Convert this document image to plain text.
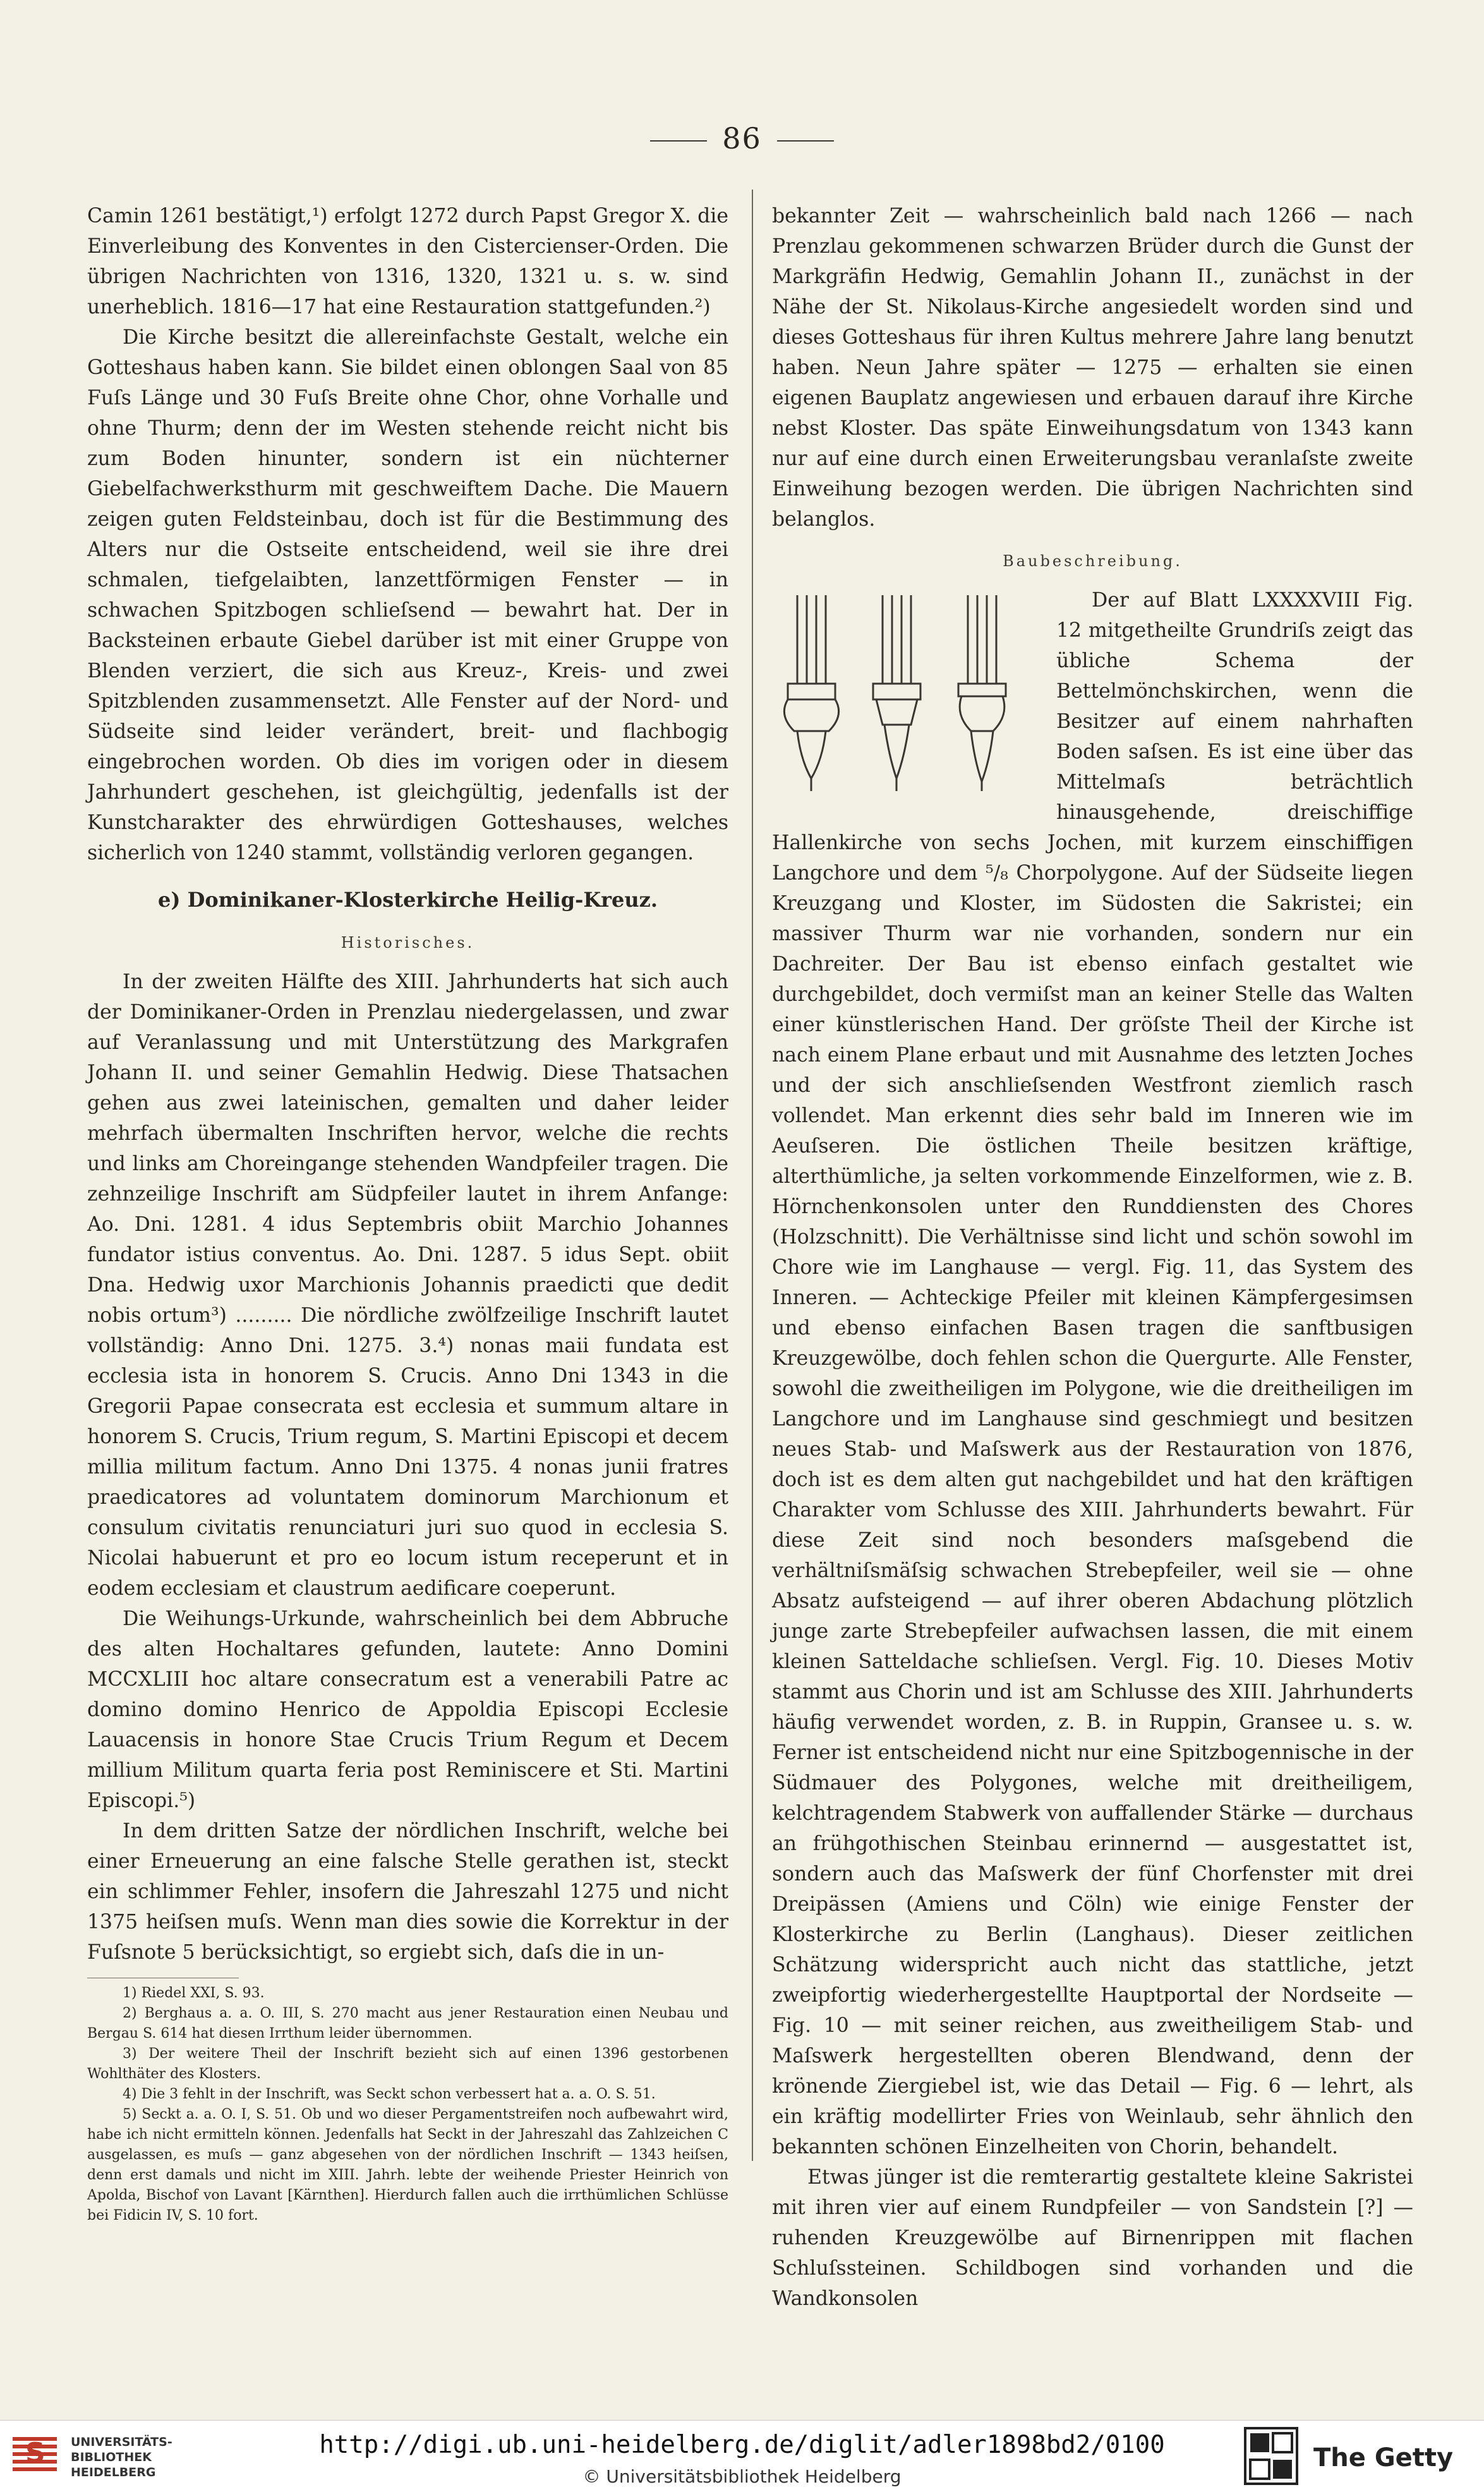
86

Camin 1261 bestätigt,¹) erfolgt 1272 durch Papst Gregor X. die Einverleibung des Konventes in den Cistercienser-Orden. Die übrigen Nachrichten von 1316, 1320, 1321 u. s. w. sind unerheblich. 1816—17 hat eine Restauration stattgefunden.²)

Die Kirche besitzt die allereinfachste Gestalt, welche ein Gotteshaus haben kann. Sie bildet einen oblongen Saal von 85 Fuſs Länge und 30 Fuſs Breite ohne Chor, ohne Vorhalle und ohne Thurm; denn der im Westen stehende reicht nicht bis zum Boden hinunter, sondern ist ein nüchterner Giebelfachwerksthurm mit geschweiftem Dache. Die Mauern zeigen guten Feldsteinbau, doch ist für die Bestimmung des Alters nur die Ostseite entscheidend, weil sie ihre drei schmalen, tiefgelaibten, lanzettförmigen Fenster — in schwachen Spitzbogen schlieſsend — bewahrt hat. Der in Backsteinen erbaute Giebel darüber ist mit einer Gruppe von Blenden verziert, die sich aus Kreuz-, Kreis- und zwei Spitzblenden zusammensetzt. Alle Fenster auf der Nord- und Südseite sind leider verändert, breit- und flachbogig eingebrochen worden. Ob dies im vorigen oder in diesem Jahrhundert geschehen, ist gleichgültig, jedenfalls ist der Kunstcharakter des ehrwürdigen Gotteshauses, welches sicherlich von 1240 stammt, vollständig verloren gegangen.

e) Dominikaner-Klosterkirche Heilig-Kreuz.
Historisches.

In der zweiten Hälfte des XIII. Jahrhunderts hat sich auch der Dominikaner-Orden in Prenzlau niedergelassen, und zwar auf Veranlassung und mit Unterstützung des Markgrafen Johann II. und seiner Gemahlin Hedwig. Diese Thatsachen gehen aus zwei lateinischen, gemalten und daher leider mehrfach übermalten Inschriften hervor, welche die rechts und links am Choreingange stehenden Wandpfeiler tragen. Die zehnzeilige Inschrift am Südpfeiler lautet in ihrem Anfange: Ao. Dni. 1281. 4 idus Septembris obiit Marchio Johannes fundator istius conventus. Ao. Dni. 1287. 5 idus Sept. obiit Dna. Hedwig uxor Marchionis Johannis praedicti que dedit nobis ortum³) ......... Die nördliche zwölfzeilige Inschrift lautet vollständig: Anno Dni. 1275. 3.⁴) nonas maii fundata est ecclesia ista in honorem S. Crucis. Anno Dni 1343 in die Gregorii Papae consecrata est ecclesia et summum altare in honorem S. Crucis, Trium regum, S. Martini Episcopi et decem millia militum factum. Anno Dni 1375. 4 nonas junii fratres praedicatores ad voluntatem dominorum Marchionum et consulum civitatis renunciaturi juri suo quod in ecclesia S. Nicolai habuerunt et pro eo locum istum receperunt et in eodem ecclesiam et claustrum aedificare coeperunt.

Die Weihungs-Urkunde, wahrscheinlich bei dem Abbruche des alten Hochaltares gefunden, lautete: Anno Domini MCCXLIII hoc altare consecratum est a venerabili Patre ac domino domino Henrico de Appoldia Episcopi Ecclesie Lauacensis in honore Stae Crucis Trium Regum et Decem millium Militum quarta feria post Reminiscere et Sti. Martini Episcopi.⁵)

In dem dritten Satze der nördlichen Inschrift, welche bei einer Erneuerung an eine falsche Stelle gerathen ist, steckt ein schlimmer Fehler, insofern die Jahreszahl 1275 und nicht 1375 heiſsen muſs. Wenn man dies sowie die Korrektur in der Fuſsnote 5 berücksichtigt, so ergiebt sich, daſs die in un-

1) Riedel XXI, S. 93.

2) Berghaus a. a. O. III, S. 270 macht aus jener Restauration einen Neubau und Bergau S. 614 hat diesen Irrthum leider übernommen.

3) Der weitere Theil der Inschrift bezieht sich auf einen 1396 gestorbenen Wohlthäter des Klosters.

4) Die 3 fehlt in der Inschrift, was Seckt schon verbessert hat a. a. O. S. 51.

5) Seckt a. a. O. I, S. 51. Ob und wo dieser Pergamentstreifen noch aufbewahrt wird, habe ich nicht ermitteln können. Jedenfalls hat Seckt in der Jahreszahl das Zahlzeichen C ausgelassen, es muſs — ganz abgesehen von der nördlichen Inschrift — 1343 heiſsen, denn erst damals und nicht im XIII. Jahrh. lebte der weihende Priester Heinrich von Apolda, Bischof von Lavant [Kärnthen]. Hierdurch fallen auch die irrthümlichen Schlüsse bei Fidicin IV, S. 10 fort.

bekannter Zeit — wahrscheinlich bald nach 1266 — nach Prenzlau gekommenen schwarzen Brüder durch die Gunst der Markgräfin Hedwig, Gemahlin Johann II., zunächst in der Nähe der St. Nikolaus-Kirche angesiedelt worden sind und dieses Gotteshaus für ihren Kultus mehrere Jahre lang benutzt haben. Neun Jahre später — 1275 — erhalten sie einen eigenen Bauplatz angewiesen und erbauen darauf ihre Kirche nebst Kloster. Das späte Einweihungsdatum von 1343 kann nur auf eine durch einen Erweiterungsbau veranlaſste zweite Einweihung bezogen werden. Die übrigen Nachrichten sind belanglos.

Baubeschreibung.

Der auf Blatt LXXXXVIII Fig. 12 mitgetheilte Grundriſs zeigt das übliche Schema der Bettelmönchskirchen, wenn die Besitzer auf einem nahrhaften Boden saſsen. Es ist eine über das Mittelmaſs beträchtlich hinausgehende, dreischiffige Hallenkirche von sechs Jochen, mit kurzem einschiffigen Langchore und dem ⁵/₈ Chorpolygone. Auf der Südseite liegen Kreuzgang und Kloster, im Südosten die Sakristei; ein massiver Thurm war nie vorhanden, sondern nur ein Dachreiter. Der Bau ist ebenso einfach gestaltet wie durchgebildet, doch vermiſst man an keiner Stelle das Walten einer künstlerischen Hand. Der gröſste Theil der Kirche ist nach einem Plane erbaut und mit Ausnahme des letzten Joches und der sich anschlieſsenden Westfront ziemlich rasch vollendet. Man erkennt dies sehr bald im Inneren wie im Aeuſseren. Die östlichen Theile besitzen kräftige, alterthümliche, ja selten vorkommende Einzelformen, wie z. B. Hörnchenkonsolen unter den Runddiensten des Chores (Holzschnitt). Die Verhältnisse sind licht und schön sowohl im Chore wie im Langhause — vergl. Fig. 11, das System des Inneren. — Achteckige Pfeiler mit kleinen Kämpfergesimsen und ebenso einfachen Basen tragen die sanftbusigen Kreuzgewölbe, doch fehlen schon die Quergurte. Alle Fenster, sowohl die zweitheiligen im Polygone, wie die dreitheiligen im Langchore und im Langhause sind geschmiegt und besitzen neues Stab- und Maſswerk aus der Restauration von 1876, doch ist es dem alten gut nachgebildet und hat den kräftigen Charakter vom Schlusse des XIII. Jahrhunderts bewahrt. Für diese Zeit sind noch besonders maſsgebend die verhältniſsmäſsig schwachen Strebepfeiler, weil sie — ohne Absatz aufsteigend — auf ihrer oberen Abdachung plötzlich junge zarte Strebepfeiler aufwachsen lassen, die mit einem kleinen Satteldache schlieſsen. Vergl. Fig. 10. Dieses Motiv stammt aus Chorin und ist am Schlusse des XIII. Jahrhunderts häufig verwendet worden, z. B. in Ruppin, Gransee u. s. w. Ferner ist entscheidend nicht nur eine Spitzbogennische in der Südmauer des Polygones, welche mit dreitheiligem, kelchtragendem Stabwerk von auffallender Stärke — durchaus an frühgothischen Steinbau erinnernd — ausgestattet ist, sondern auch das Maſswerk der fünf Chorfenster mit drei Dreipässen (Amiens und Cöln) wie einige Fenster der Klosterkirche zu Berlin (Langhaus). Dieser zeitlichen Schätzung widerspricht auch nicht das stattliche, jetzt zweipfortig wiederhergestellte Hauptportal der Nordseite — Fig. 10 — mit seiner reichen, aus zweitheiligem Stab- und Maſswerk hergestellten oberen Blendwand, denn der krönende Ziergiebel ist, wie das Detail — Fig. 6 — lehrt, als ein kräftig modellirter Fries von Weinlaub, sehr ähnlich den bekannten schönen Einzelheiten von Chorin, behandelt.

Etwas jünger ist die remterartig gestaltete kleine Sakristei mit ihren vier auf einem Rundpfeiler — von Sandstein [?] — ruhenden Kreuzgewölbe auf Birnenrippen mit flachen Schluſssteinen. Schildbogen sind vorhanden und die Wandkonsolen

S UNIVERSITÄTS-
BIBLIOTHEK
HEIDELBERG
http://digi.ub.uni-heidelberg.de/diglit/adler1898bd2/0100
© Universitätsbibliothek Heidelberg
The Getty
